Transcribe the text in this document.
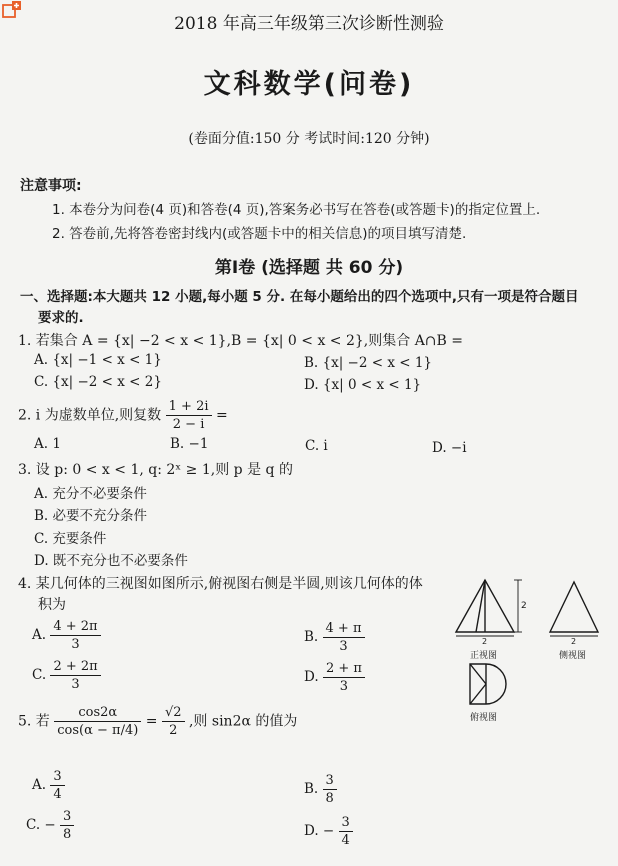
2018 年高三年级第三次诊断性测验
文科数学(问卷)
(卷面分值:150 分 考试时间:120 分钟)
注意事项:
1. 本卷分为问卷(4 页)和答卷(4 页),答案务必书写在答卷(或答题卡)的指定位置上.
2. 答卷前,先将答卷密封线内(或答题卡中的相关信息)的项目填写清楚.
第Ⅰ卷 (选择题 共 60 分)
一、选择题:本大题共 12 小题,每小题 5 分. 在每小题给出的四个选项中,只有一项是符合题目
要求的.
1. 若集合 A = {x| −2 < x < 1},B = {x| 0 < x < 2},则集合 A∩B =
A. {x| −1 < x < 1}	B. {x| −2 < x < 1}
C. {x| −2 < x < 2}	D. {x| 0 < x < 1}
2. i 为虚数单位,则复数 $\frac{1 + 2i}{2 - i}$ =
A. 1	B. −1	C. i	D. −i
3. 设 p: 0 < x < 1, q: 2ˣ ≥ 1,则 p 是 q 的
A. 充分不必要条件
B. 必要不充分条件
C. 充要条件
D. 既不充分也不必要条件
4. 某几何体的三视图如图所示,俯视图右侧是半圆,则该几何体的体
积为
A. $\frac{4 + 2\pi}{3}$	B. $\frac{4 + \pi}{3}$
C. $\frac{2 + 2\pi}{3}$	D. $\frac{2 + \pi}{3}$
2
2
正视图
2
侧视图
俯视图
5. 若 $\frac{\cos 2\alpha}{\cos(\alpha - \pi/4)} = \frac{√2}{2}$ ,则 sin2α 的值为
A. $\frac{3}{4}$	B. $\frac{3}{8}$
C. − $\frac{3}{8}$	D. − $\frac{3}{4}$
